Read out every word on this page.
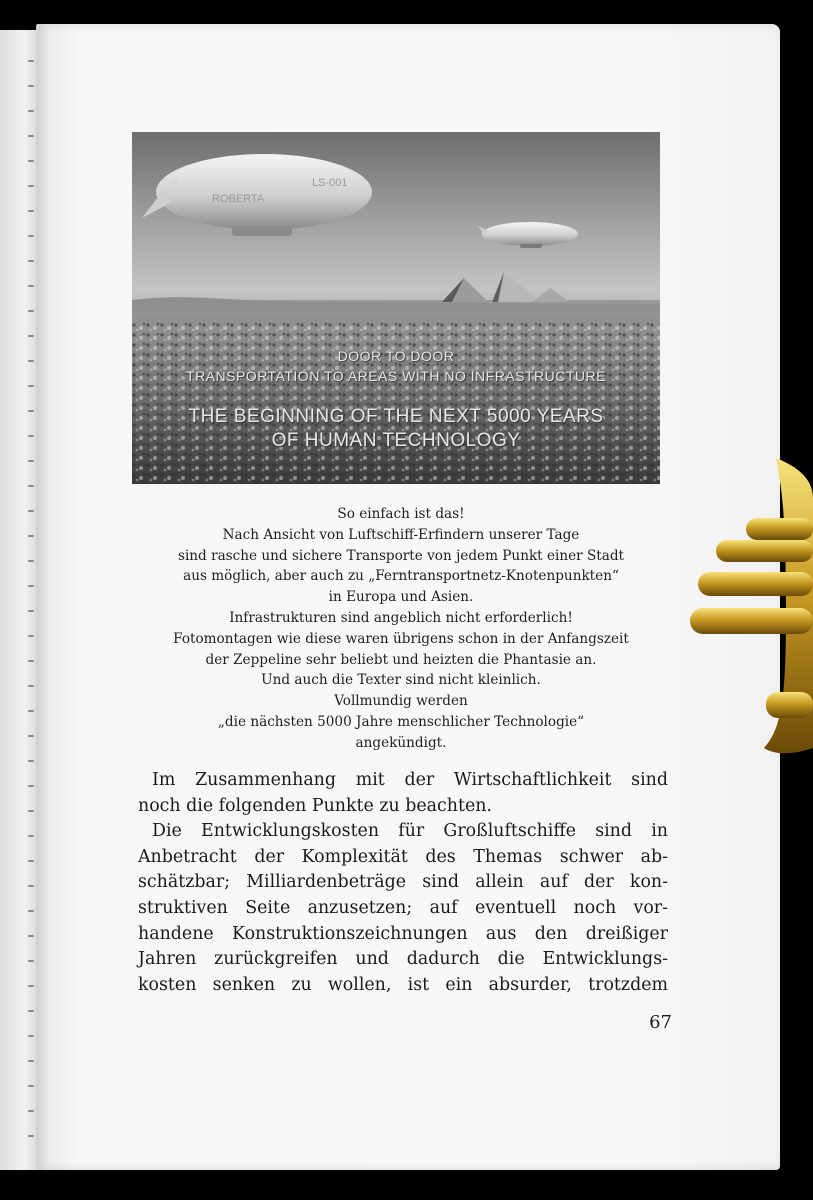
ROBERTA
LS-001
DOOR TO DOOR
TRANSPORTATION TO AREAS WITH NO INFRASTRUCTURE
THE BEGINNING OF THE NEXT 5000 YEARS
OF HUMAN TECHNOLOGY
So einfach ist das!
Nach Ansicht von Luftschiff-Erfindern unserer Tage
sind rasche und sichere Transporte von jedem Punkt einer Stadt
aus möglich, aber auch zu „Ferntransportnetz-Knotenpunkten“
in Europa und Asien.
Infrastrukturen sind angeblich nicht erforderlich!
Fotomontagen wie diese waren übrigens schon in der Anfangszeit
der Zeppeline sehr beliebt und heizten die Phantasie an.
Und auch die Texter sind nicht kleinlich.
Vollmundig werden
„die nächsten 5000 Jahre menschlicher Technologie“
angekündigt.
Im Zusammenhang mit der Wirtschaftlichkeit sind
noch die folgenden Punkte zu beachten.
Die Entwicklungskosten für Großluftschiffe sind in
Anbetracht der Komplexität des Themas schwer ab-
schätzbar; Milliardenbeträge sind allein auf der kon-
struktiven Seite anzusetzen; auf eventuell noch vor-
handene Konstruktionszeichnungen aus den dreißiger
Jahren zurückgreifen und dadurch die Entwicklungs-
kosten senken zu wollen, ist ein absurder, trotzdem
67
